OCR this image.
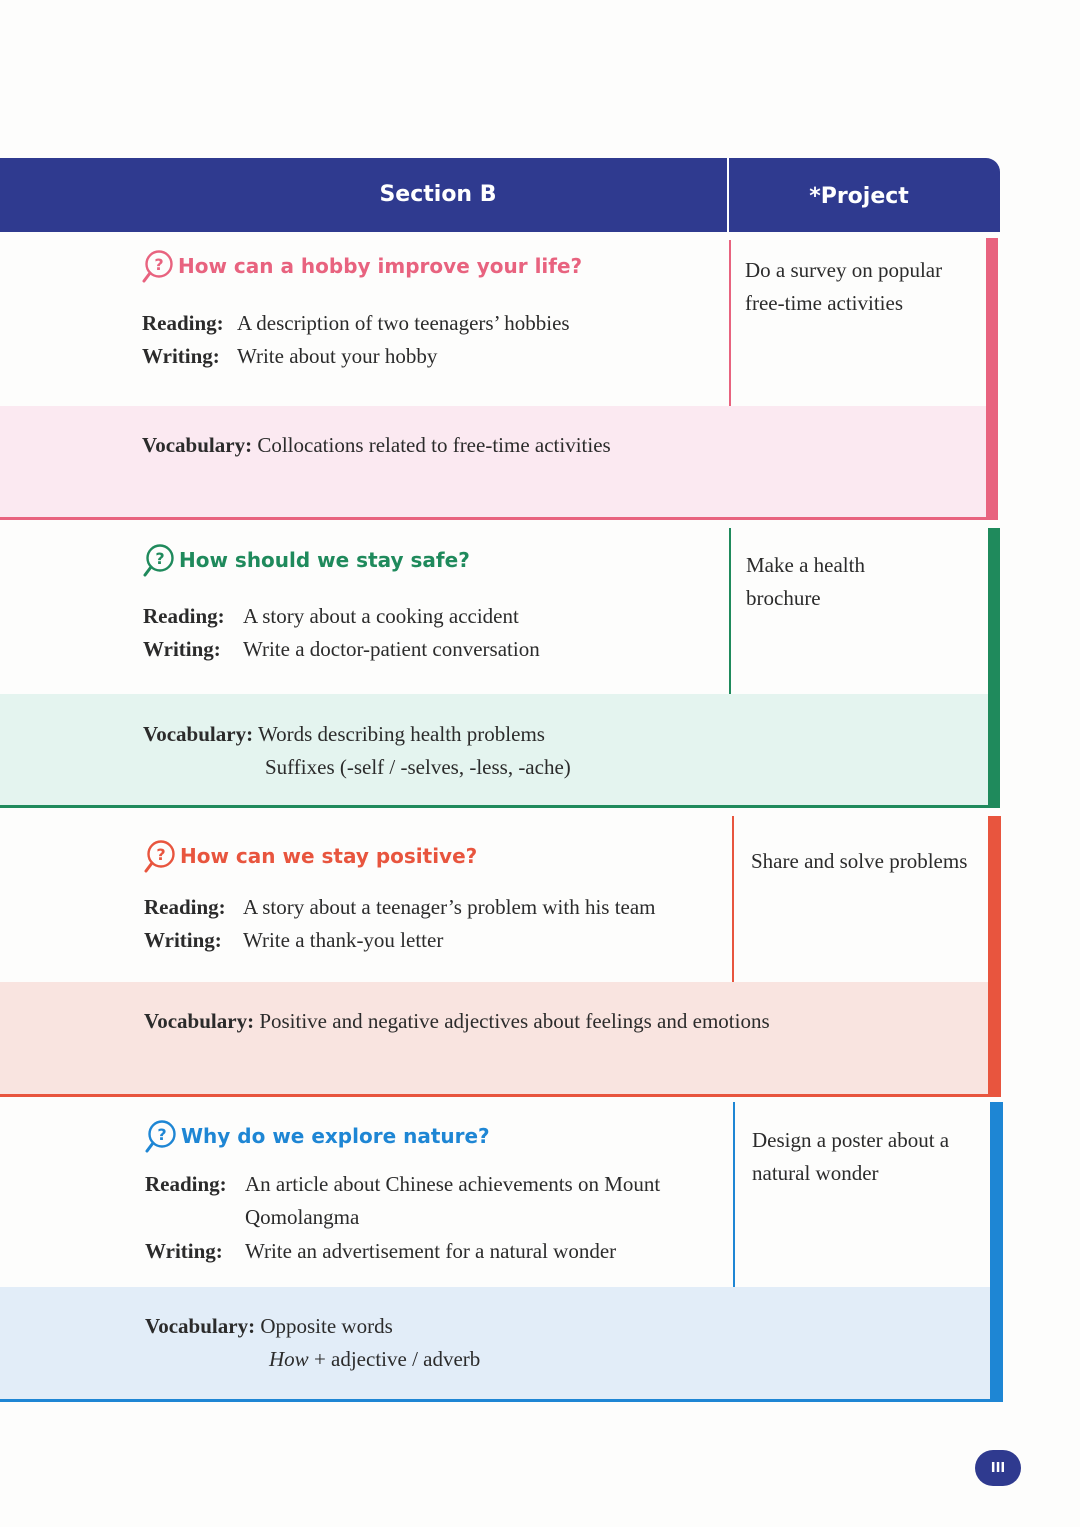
Section B	*Project
? How can a hobby improve your life?
Reading: A description of two teenagers’ hobbies
Writing: Write about your hobby
Vocabulary: Collocations related to free-time activities
Do a survey on popular free-time activities
? How should we stay safe?
Reading: A story about a cooking accident
Writing: Write a doctor-patient conversation
Vocabulary: Words describing health problems
Suffixes (-self / -selves, -less, -ache)
Make a health brochure
? How can we stay positive?
Reading: A story about a teenager’s problem with his team
Writing: Write a thank-you letter
Vocabulary: Positive and negative adjectives about feelings and emotions
Share and solve problems
? Why do we explore nature?
Reading: An article about Chinese achievements on Mount
Qomolangma
Writing: Write an advertisement for a natural wonder
Vocabulary: Opposite words
How + adjective / adverb
Design a poster about a natural wonder
III
